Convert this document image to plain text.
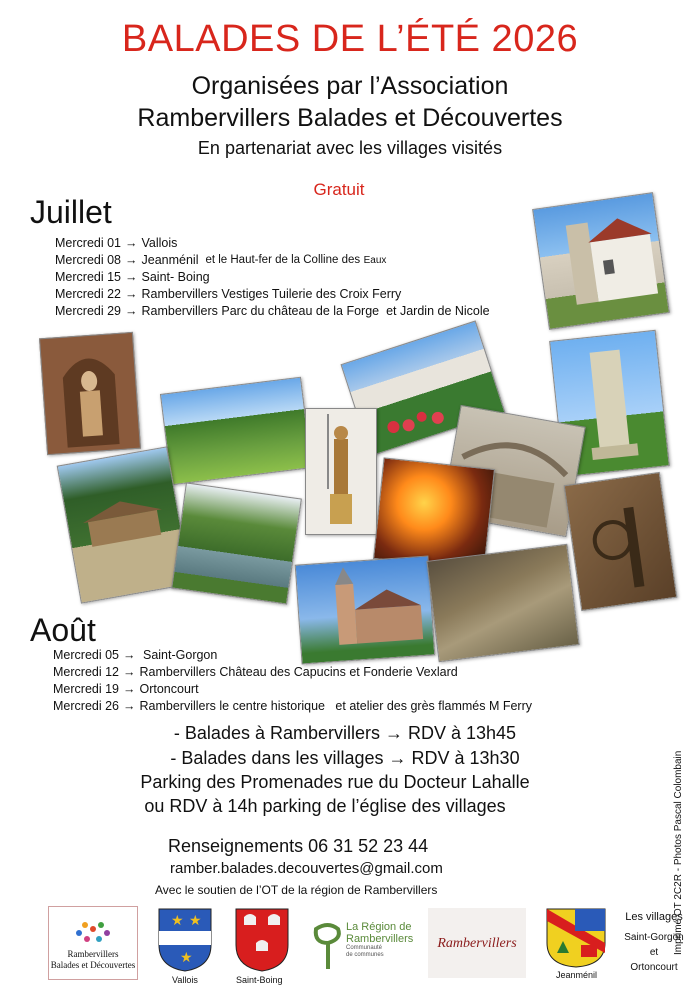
BALADES DE L’ÉTÉ 2026
Organisées par l’Association
Rambervillers Balades et Découvertes
En partenariat avec les villages visités
Gratuit
Juillet
Mercredi 01 → Vallois
Mercredi 08 → Jeanménil
et le Haut-fer de la Colline des
Eaux
Mercredi 15 → Saint- Boing
Mercredi 22 → Rambervillers Vestiges Tuilerie des Croix Ferry
Mercredi 29 → Rambervillers Parc du château de la Forge
et Jardin de Nicole
Août
Mercredi 05 →
Saint-Gorgon
Mercredi 12 → Rambervillers Château des Capucins et Fonderie Vexlard
Mercredi 19 → Ortoncourt
Mercredi 26 → Rambervillers le centre historique
et atelier des grès flammés M Ferry
- Balades à Rambervillers → RDV à 13h45
- Balades dans les villages → RDV à 13h30
Parking des Promenades rue du Docteur Lahalle
ou RDV à 14h parking de l’église des villages
Renseignements 06 31 52 23 44
ramber.balades.decouvertes@gmail.com
Avec le soutien de l’OT de la région de Rambervillers	Imprimé OT 2C2R - Photos Pascal Colombain
Rambervillers
Balades et Découvertes
★ ★
★
Vallois	Saint-Boing
La Région de
Rambervillers
Communauté
de communes
Rambervillers
Jeanménil
Les villages
Saint-Gorgon
et
Ortoncourt
